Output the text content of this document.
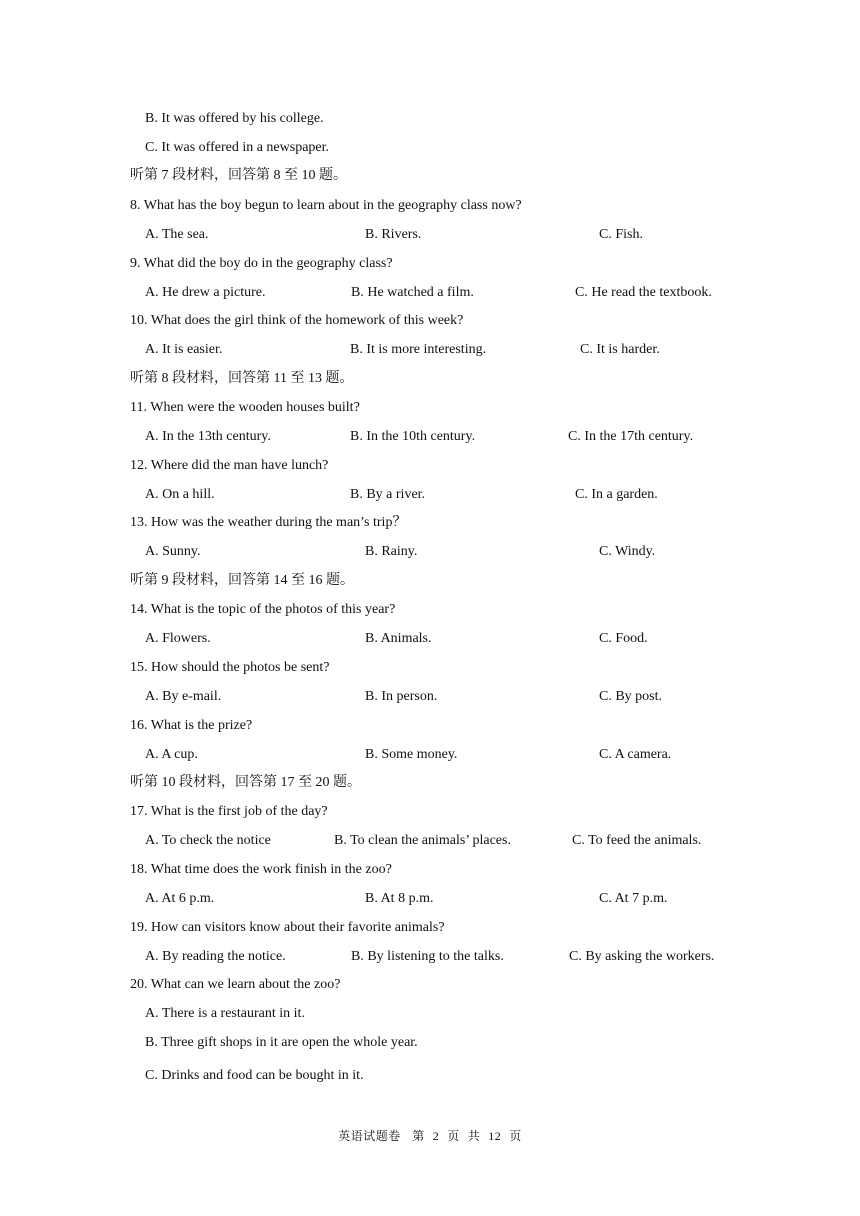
B. It was offered by his college.
C. It was offered in a newspaper.
听第 7 段材料，回答第 8 至 10 题。
8. What has the boy begun to learn about in the geography class now?
A. The sea.	B. Rivers.	C. Fish.
9. What did the boy do in the geography class?
A. He drew a picture.	B. He watched a film.	C. He read the textbook.
10. What does the girl think of the homework of this week?
A. It is easier.	B. It is more interesting.	C. It is harder.
听第 8 段材料，回答第 11 至 13 题。
11. When were the wooden houses built?
A. In the 13th century.	B. In the 10th century.	C. In the 17th century.
12. Where did the man have lunch?
A. On a hill.	B. By a river.	C. In a garden.
13. How was the weather during the man’s trip？
A. Sunny.	B. Rainy.	C. Windy.
听第 9 段材料，回答第 14 至 16 题。
14. What is the topic of the photos of this year?
A. Flowers.	B. Animals.	C. Food.
15. How should the photos be sent?
A. By e-mail.	B. In person.	C. By post.
16. What is the prize?
A. A cup.	B. Some money.	C. A camera.
听第 10 段材料，回答第 17 至 20 题。
17. What is the first job of the day?
A. To check the notice	B. To clean the animals’ places.	C. To feed the animals.
18. What time does the work finish in the zoo?
A. At 6 p.m.	B. At 8 p.m.	C. At 7 p.m.
19. How can visitors know about their favorite animals?
A. By reading the notice.	B. By listening to the talks.	C. By asking the workers.
20. What can we learn about the zoo?
A. There is a restaurant in it.
B. Three gift shops in it are open the whole year.
C. Drinks and food can be bought in it.
英语试题卷 第 2 页 共 12 页
